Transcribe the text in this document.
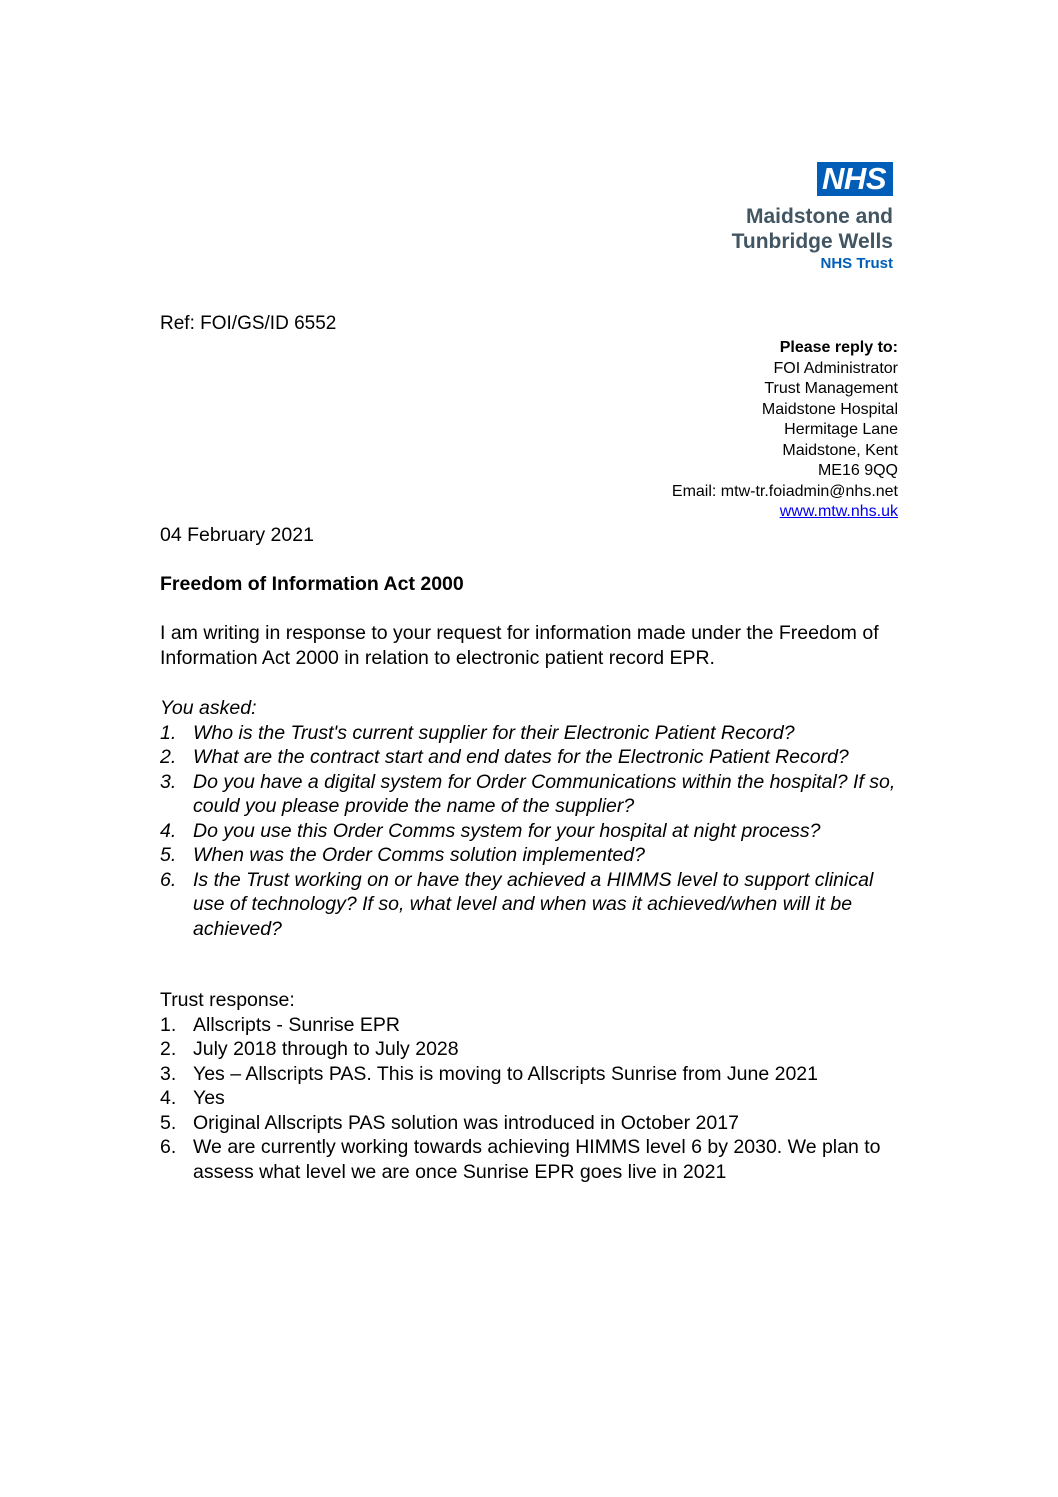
NHS
Maidstone and
Tunbridge Wells
NHS Trust
Ref: FOI/GS/ID 6552
Please reply to:
FOI Administrator
Trust Management
Maidstone Hospital
Hermitage Lane
Maidstone, Kent
ME16 9QQ
Email: mtw-tr.foiadmin@nhs.net
www.mtw.nhs.uk
04 February 2021
Freedom of Information Act 2000
I am writing in response to your request for information made under the Freedom of Information Act 2000 in relation to electronic patient record EPR.
You asked:
1. Who is the Trust's current supplier for their Electronic Patient Record?
2. What are the contract start and end dates for the Electronic Patient Record?
3. Do you have a digital system for Order Communications within the hospital? If so, could you please provide the name of the supplier?
4. Do you use this Order Comms system for your hospital at night process?
5. When was the Order Comms solution implemented?
6. Is the Trust working on or have they achieved a HIMMS level to support clinical use of technology? If so, what level and when was it achieved/when will it be achieved?
Trust response:
1. Allscripts - Sunrise EPR
2. July 2018 through to July 2028
3. Yes – Allscripts PAS. This is moving to Allscripts Sunrise from June 2021
4. Yes
5. Original Allscripts PAS solution was introduced in October 2017
6. We are currently working towards achieving HIMMS level 6 by 2030. We plan to assess what level we are once Sunrise EPR goes live in 2021
